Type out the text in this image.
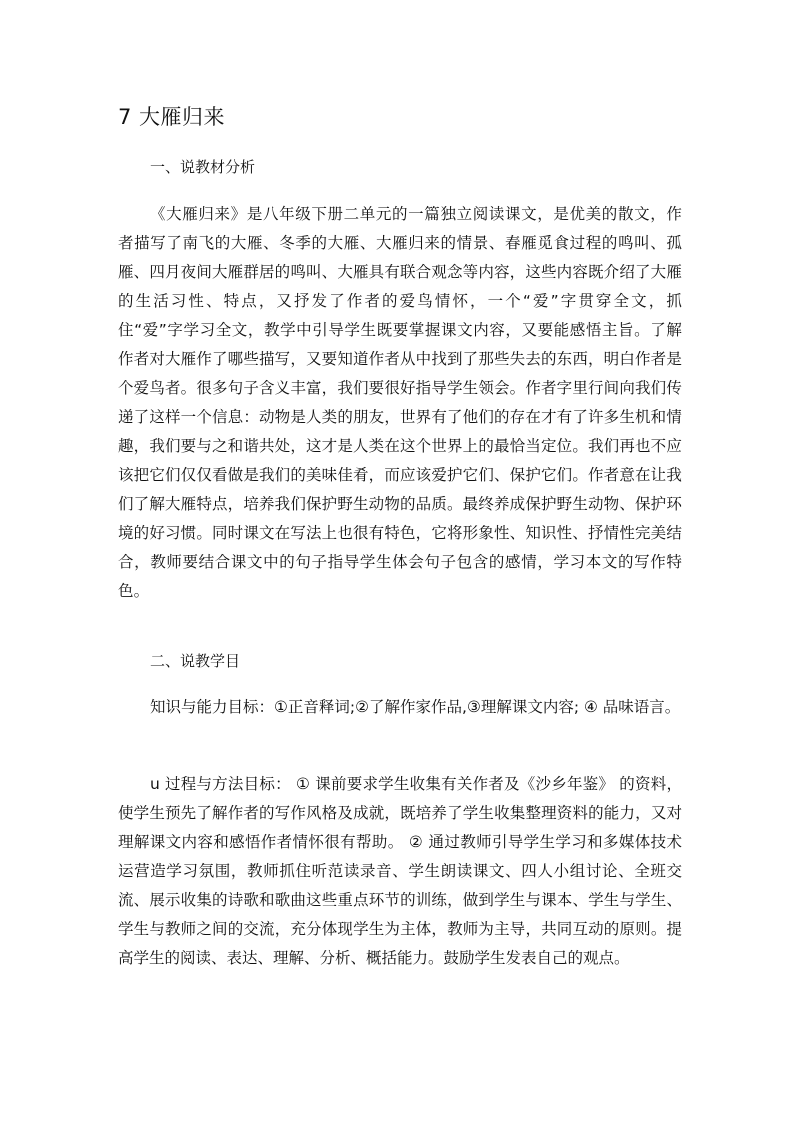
7 大雁归来
一、说教材分析
《大雁归来》是八年级下册二单元的一篇独立阅读课文，是优美的散文，作者描写了南飞的大雁、冬季的大雁、大雁归来的情景、春雁觅食过程的鸣叫、孤雁、四月夜间大雁群居的鸣叫、大雁具有联合观念等内容，这些内容既介绍了大雁的生活习性、特点，又抒发了作者的爱鸟情怀，一个“爱”字贯穿全文，抓住“爱”字学习全文，教学中引导学生既要掌握课文内容，又要能感悟主旨。了解作者对大雁作了哪些描写，又要知道作者从中找到了那些失去的东西，明白作者是个爱鸟者。很多句子含义丰富，我们要很好指导学生领会。作者字里行间向我们传递了这样一个信息：动物是人类的朋友，世界有了他们的存在才有了许多生机和情趣，我们要与之和谐共处，这才是人类在这个世界上的最恰当定位。我们再也不应该把它们仅仅看做是我们的美味佳肴，而应该爱护它们、保护它们。作者意在让我们了解大雁特点，培养我们保护野生动物的品质。最终养成保护野生动物、保护环境的好习惯。同时课文在写法上也很有特色，它将形象性、知识性、抒情性完美结合，教师要结合课文中的句子指导学生体会句子包含的感情，学习本文的写作特色。
二、说教学目
知识与能力目标：①正音释词;②了解作家作品,③理解课文内容; ④ 品味语言。
u 过程与方法目标： ① 课前要求学生收集有关作者及《沙乡年鉴》 的资料，使学生预先了解作者的写作风格及成就，既培养了学生收集整理资料的能力，又对理解课文内容和感悟作者情怀很有帮助。 ② 通过教师引导学生学习和多媒体技术运营造学习氛围，教师抓住听范读录音、学生朗读课文、四人小组讨论、全班交流、展示收集的诗歌和歌曲这些重点环节的训练，做到学生与课本、学生与学生、学生与教师之间的交流，充分体现学生为主体，教师为主导，共同互动的原则。提高学生的阅读、表达、理解、分析、概括能力。鼓励学生发表自己的观点。
